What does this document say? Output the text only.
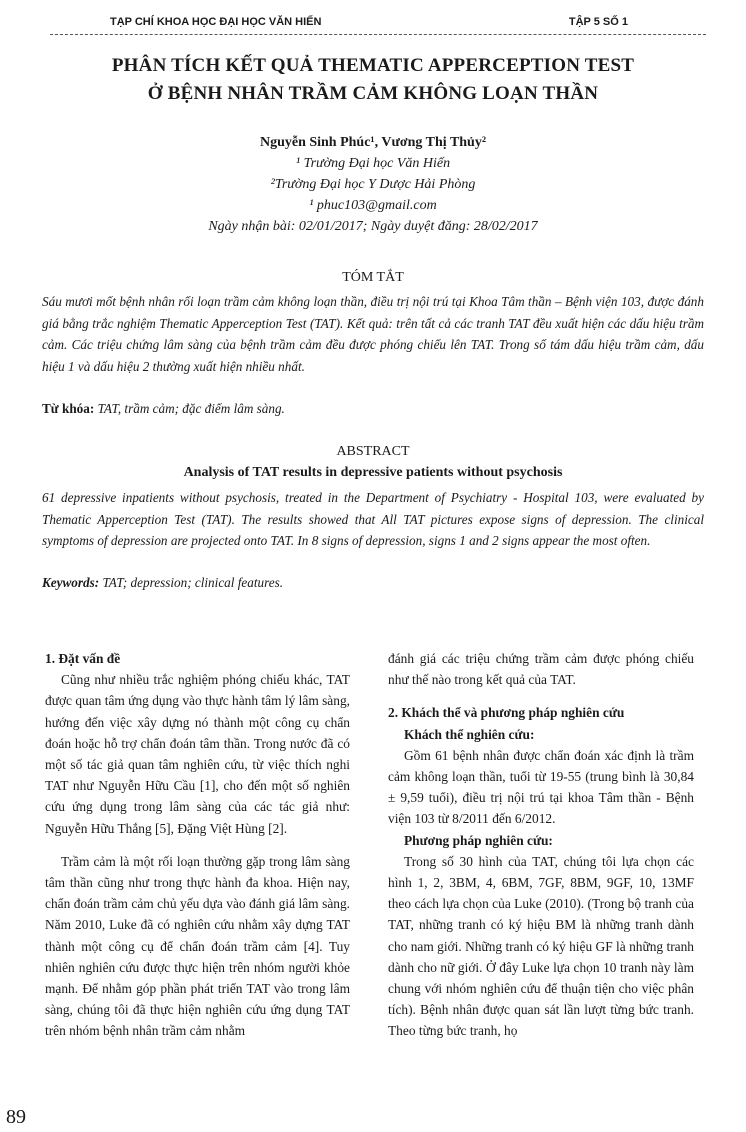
TẠP CHÍ KHOA HỌC ĐẠI HỌC VĂN HIẾN	TẬP 5 SỐ 1
PHÂN TÍCH KẾT QUẢ THEMATIC APPERCEPTION TEST
Ở BỆNH NHÂN TRẦM CẢM KHÔNG LOẠN THẦN
Nguyễn Sinh Phúc¹, Vương Thị Thủy²
¹ Trường Đại học Văn Hiến
²Trường Đại học Y Dược Hải Phòng
¹ phuc103@gmail.com
Ngày nhận bài: 02/01/2017; Ngày duyệt đăng: 28/02/2017
TÓM TẮT
Sáu mươi mốt bệnh nhân rối loạn trầm cảm không loạn thần, điều trị nội trú tại Khoa Tâm thần – Bệnh viện 103, được đánh giá bằng trắc nghiệm Thematic Apperception Test (TAT). Kết quả: trên tất cả các tranh TAT đều xuất hiện các dấu hiệu trầm cảm. Các triệu chứng lâm sàng của bệnh trầm cảm đều được phóng chiếu lên TAT. Trong số tám dấu hiệu trầm cảm, dấu hiệu 1 và dấu hiệu 2 thường xuất hiện nhiều nhất.
Từ khóa: TAT, trầm cảm; đặc điểm lâm sàng.
ABSTRACT
Analysis of TAT results in depressive patients without psychosis
61 depressive inpatients without psychosis, treated in the Department of Psychiatry - Hospital 103, were evaluated by Thematic Apperception Test (TAT). The results showed that All TAT pictures expose signs of depression. The clinical symptoms of depression are projected onto TAT. In 8 signs of depression, signs 1 and 2 signs appear the most often.
Keywords: TAT; depression; clinical features.
1. Đặt vấn đề

Cũng như nhiều trắc nghiệm phóng chiếu khác, TAT được quan tâm ứng dụng vào thực hành tâm lý lâm sàng, hướng đến việc xây dựng nó thành một công cụ chẩn đoán hoặc hỗ trợ chẩn đoán tâm thần. Trong nước đã có một số tác giả quan tâm nghiên cứu, từ việc thích nghi TAT như Nguyễn Hữu Cầu [1], cho đến một số nghiên cứu ứng dụng trong lâm sàng của các tác giả như: Nguyễn Hữu Thắng [5], Đặng Việt Hùng [2].

Trầm cảm là một rối loạn thường gặp trong lâm sàng tâm thần cũng như trong thực hành đa khoa. Hiện nay, chẩn đoán trầm cảm chủ yếu dựa vào đánh giá lâm sàng. Năm 2010, Luke đã có nghiên cứu nhằm xây dựng TAT thành một công cụ để chẩn đoán trầm cảm [4]. Tuy nhiên nghiên cứu được thực hiện trên nhóm người khỏe mạnh. Để nhằm góp phần phát triển TAT vào trong lâm sàng, chúng tôi đã thực hiện nghiên cứu ứng dụng TAT trên nhóm bệnh nhân trầm cảm nhằm

đánh giá các triệu chứng trầm cảm được phóng chiếu như thế nào trong kết quả của TAT.

2. Khách thể và phương pháp nghiên cứu
Khách thể nghiên cứu:

Gồm 61 bệnh nhân được chẩn đoán xác định là trầm cảm không loạn thần, tuổi từ 19-55 (trung bình là 30,84 ± 9,59 tuổi), điều trị nội trú tại khoa Tâm thần - Bệnh viện 103 từ 8/2011 đến 6/2012.

Phương pháp nghiên cứu:

Trong số 30 hình của TAT, chúng tôi lựa chọn các hình 1, 2, 3BM, 4, 6BM, 7GF, 8BM, 9GF, 10, 13MF theo cách lựa chọn của Luke (2010). (Trong bộ tranh của TAT, những tranh có ký hiệu BM là những tranh dành cho nam giới. Những tranh có ký hiệu GF là những tranh dành cho nữ giới. Ở đây Luke lựa chọn 10 tranh này làm chung với nhóm nghiên cứu để thuận tiện cho việc phân tích). Bệnh nhân được quan sát lần lượt từng bức tranh. Theo từng bức tranh, họ

89
